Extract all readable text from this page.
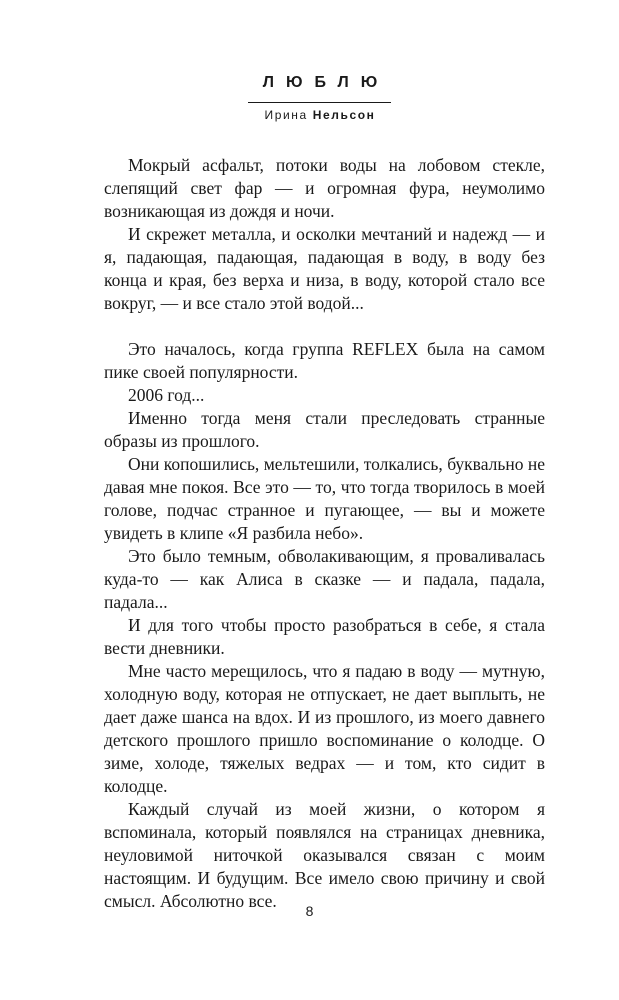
ЛЮБЛЮ
Ирина Нельсон

Мокрый асфальт, потоки воды на лобовом стекле, слепящий свет фар — и огромная фура, неумолимо возникающая из дождя и ночи.

И скрежет металла, и осколки мечтаний и надежд — и я, падающая, падающая, падающая в воду, в воду без конца и края, без верха и низа, в воду, которой стало все вокруг, — и все стало этой водой...

Это началось, когда группа REFLEX была на самом пике своей популярности.

2006 год...

Именно тогда меня стали преследовать странные образы из прошлого.

Они копошились, мельтешили, толкались, буквально не давая мне покоя. Все это — то, что тогда творилось в моей голове, подчас странное и пугающее, — вы и можете увидеть в клипе «Я разбила небо».

Это было темным, обволакивающим, я проваливалась куда-то — как Алиса в сказке — и падала, падала, падала...

И для того чтобы просто разобраться в себе, я стала вести дневники.

Мне часто мерещилось, что я падаю в воду — мутную, холодную воду, которая не отпускает, не дает выплыть, не дает даже шанса на вдох. И из прошлого, из моего давнего детского прошлого пришло воспоминание о колодце. О зиме, холоде, тяжелых ведрах — и том, кто сидит в колодце.

Каждый случай из моей жизни, о котором я вспоминала, который появлялся на страницах дневника, неуловимой ниточкой оказывался связан с моим настоящим. И будущим. Все имело свою причину и свой смысл. Абсолютно все.	8
